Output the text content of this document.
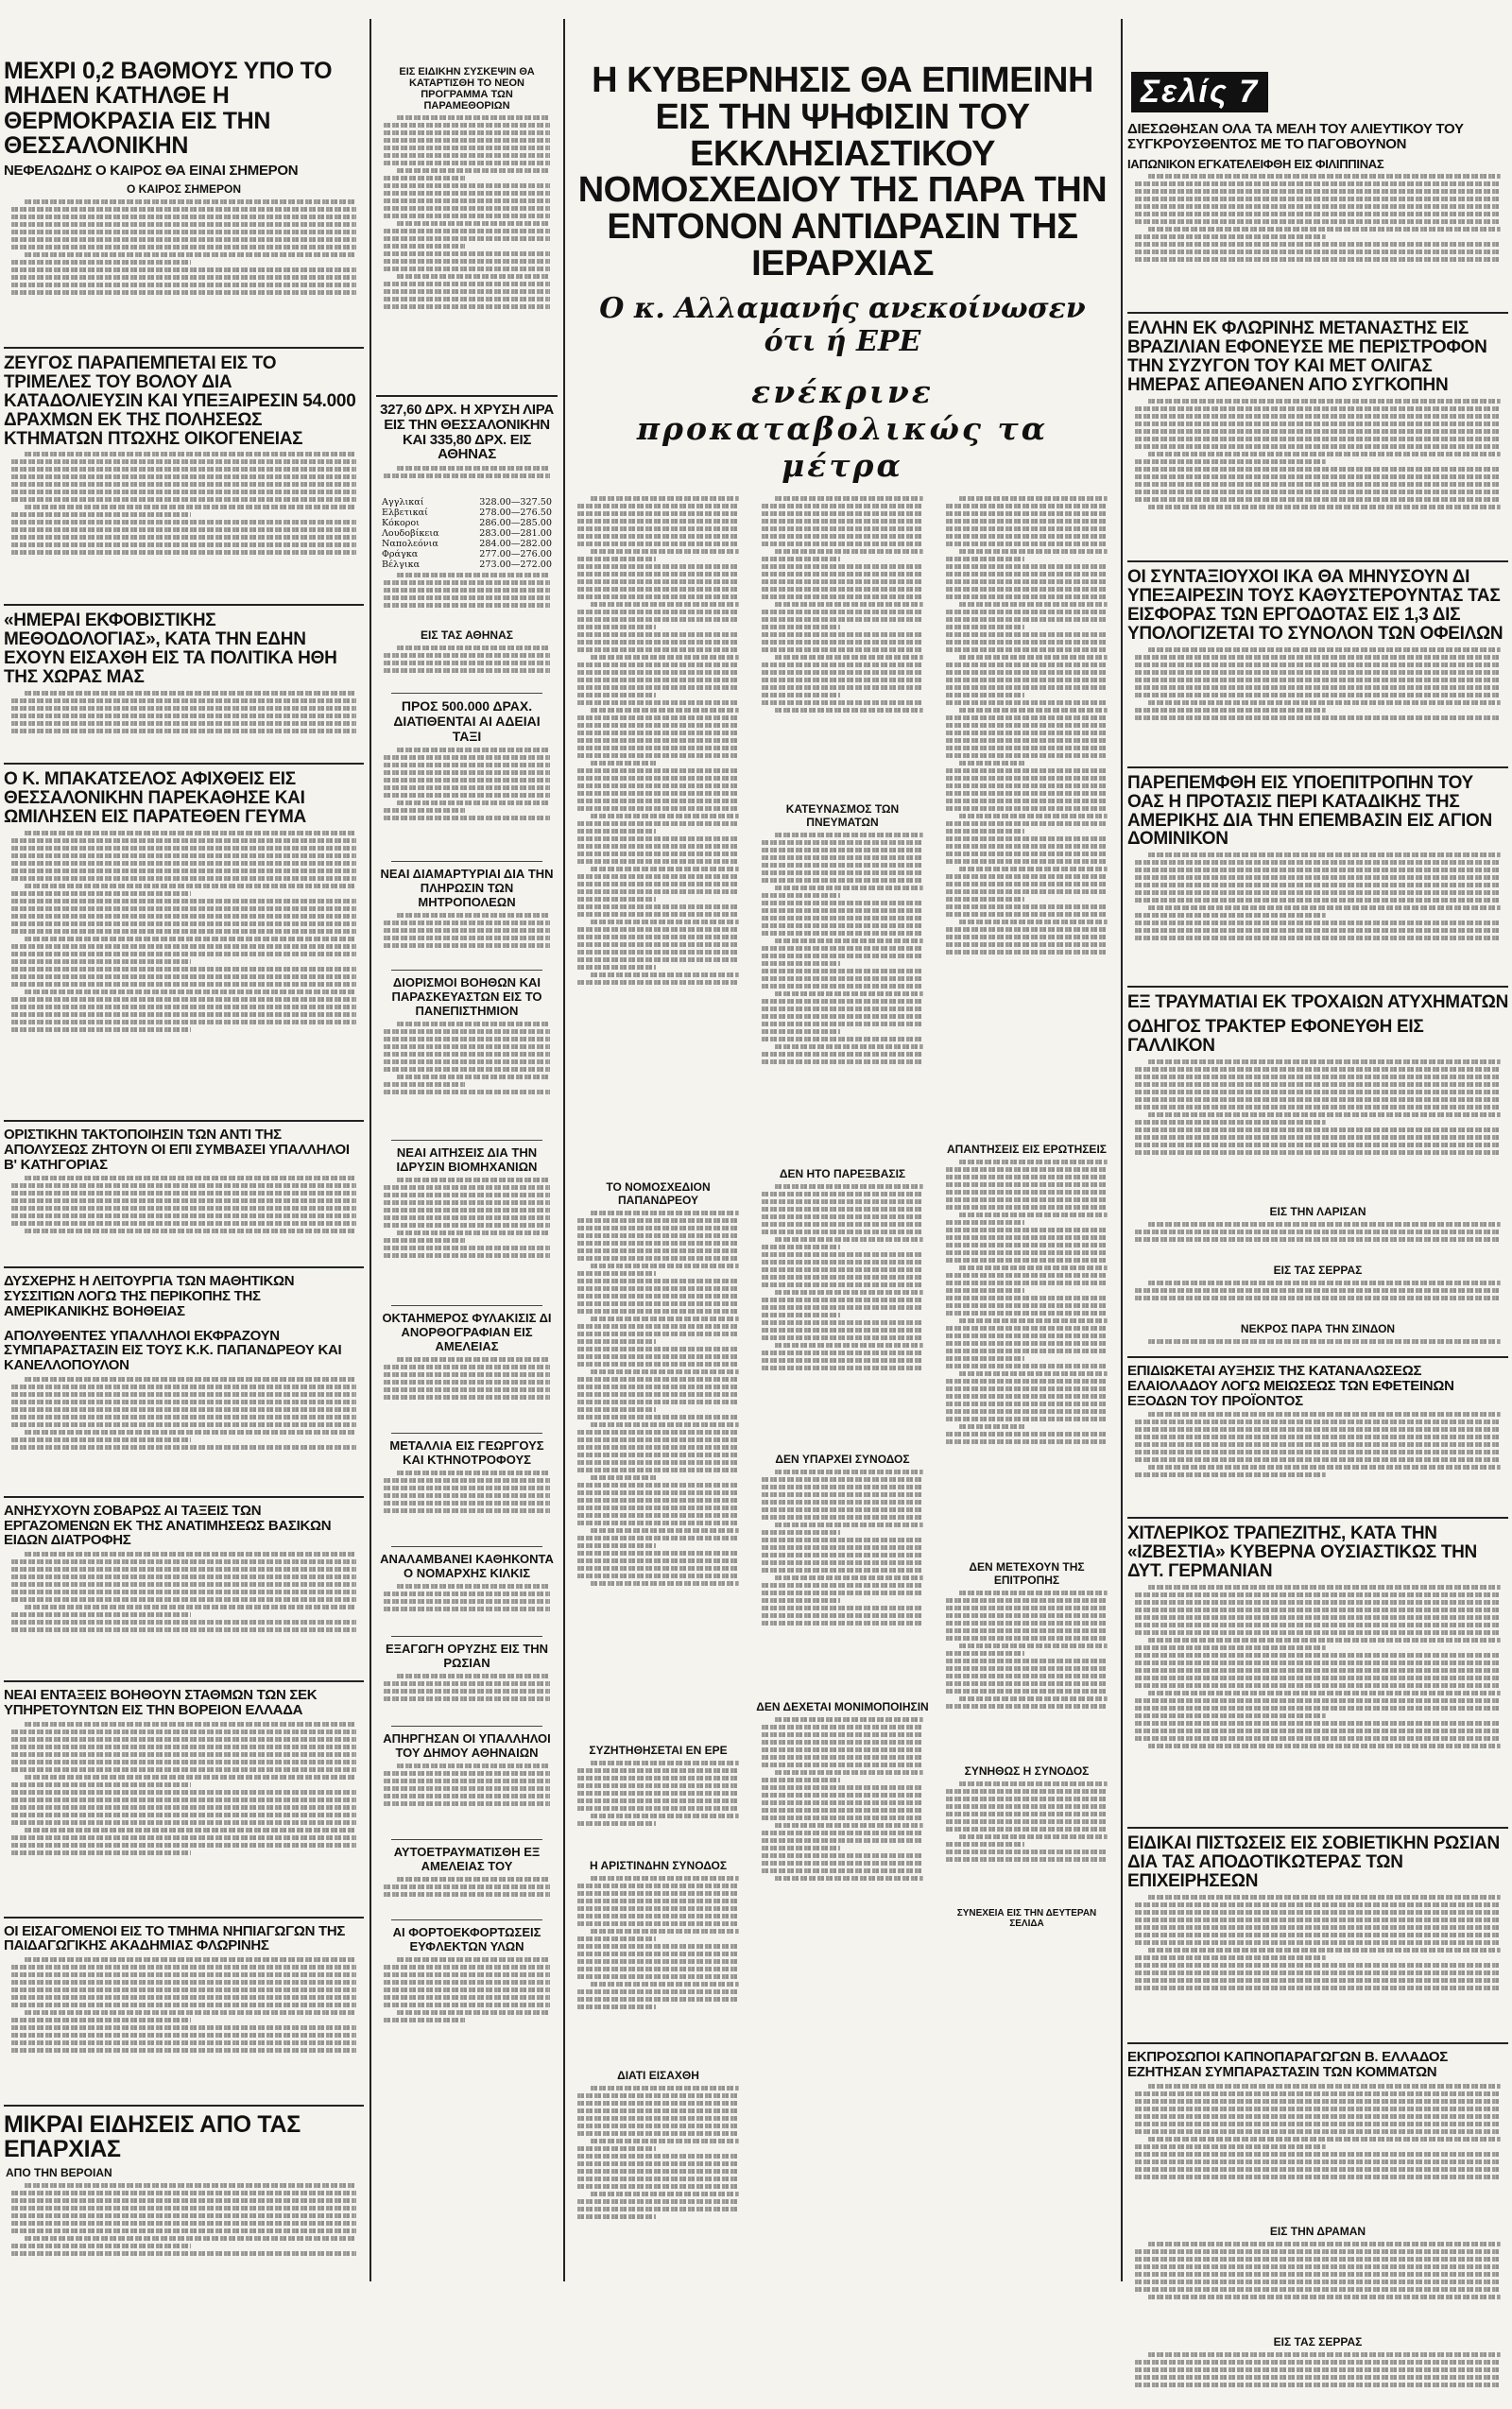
ΜΕΧΡΙ 0,2 ΒΑΘΜΟΥΣ ΥΠΟ ΤΟ ΜΗΔΕΝ ΚΑΤΗΛΘΕ Η ΘΕΡΜΟΚΡΑΣΙΑ ΕΙΣ ΤΗΝ ΘΕΣΣΑΛΟΝΙΚΗΝ
ΝΕΦΕΛΩΔΗΣ Ο ΚΑΙΡΟΣ ΘΑ ΕΙΝΑΙ ΣΗΜΕΡΟΝ
Ο ΚΑΙΡΟΣ ΣΗΜΕΡΟΝ
ΖΕΥΓΟΣ ΠΑΡΑΠΕΜΠΕΤΑΙ ΕΙΣ ΤΟ ΤΡΙΜΕΛΕΣ ΤΟΥ ΒΟΛΟΥ ΔΙΑ ΚΑΤΑΔΟΛΙΕΥΣΙΝ ΚΑΙ ΥΠΕΞΑΙΡΕΣΙΝ 54.000 ΔΡΑΧΜΩΝ ΕΚ ΤΗΣ ΠΟΛΗΣΕΩΣ ΚΤΗΜΑΤΩΝ ΠΤΩΧΗΣ ΟΙΚΟΓΕΝΕΙΑΣ
«ΗΜΕΡΑΙ ΕΚΦΟΒΙΣΤΙΚΗΣ ΜΕΘΟΔΟΛΟΓΙΑΣ», ΚΑΤΑ ΤΗΝ ΕΔΗΝ ΕΧΟΥΝ ΕΙΣΑΧΘΗ ΕΙΣ ΤΑ ΠΟΛΙΤΙΚΑ ΗΘΗ ΤΗΣ ΧΩΡΑΣ ΜΑΣ
Ο Κ. ΜΠΑΚΑΤΣΕΛΟΣ ΑΦΙΧΘΕΙΣ ΕΙΣ ΘΕΣΣΑΛΟΝΙΚΗΝ ΠΑΡΕΚΑΘΗΣΕ ΚΑΙ ΩΜΙΛΗΣΕΝ ΕΙΣ ΠΑΡΑΤΕΘΕΝ ΓΕΥΜΑ
ΟΡΙΣΤΙΚΗΝ ΤΑΚΤΟΠΟΙΗΣΙΝ ΤΩΝ ΑΝΤΙ ΤΗΣ ΑΠΟΛΥΣΕΩΣ ΖΗΤΟΥΝ ΟΙ ΕΠΙ ΣΥΜΒΑΣΕΙ ΥΠΑΛΛΗΛΟΙ Β' ΚΑΤΗΓΟΡΙΑΣ
ΔΥΣΧΕΡΗΣ Η ΛΕΙΤΟΥΡΓΙΑ ΤΩΝ ΜΑΘΗΤΙΚΩΝ ΣΥΣΣΙΤΙΩΝ ΛΟΓΩ ΤΗΣ ΠΕΡΙΚΟΠΗΣ ΤΗΣ ΑΜΕΡΙΚΑΝΙΚΗΣ ΒΟΗΘΕΙΑΣ
ΑΠΟΛΥΘΕΝΤΕΣ ΥΠΑΛΛΗΛΟΙ ΕΚΦΡΑΖΟΥΝ ΣΥΜΠΑΡΑΣΤΑΣΙΝ ΕΙΣ ΤΟΥΣ Κ.Κ. ΠΑΠΑΝΔΡΕΟΥ ΚΑΙ ΚΑΝΕΛΛΟΠΟΥΛΟΝ
ΑΝΗΣΥΧΟΥΝ ΣΟΒΑΡΩΣ ΑΙ ΤΑΞΕΙΣ ΤΩΝ ΕΡΓΑΖΟΜΕΝΩΝ ΕΚ ΤΗΣ ΑΝΑΤΙΜΗΣΕΩΣ ΒΑΣΙΚΩΝ ΕΙΔΩΝ ΔΙΑΤΡΟΦΗΣ
ΝΕΑΙ ΕΝΤΑΞΕΙΣ ΒΟΗΘΟΥΝ ΣΤΑΘΜΩΝ ΤΩΝ ΣΕΚ ΥΠΗΡΕΤΟΥΝΤΩΝ ΕΙΣ ΤΗΝ ΒΟΡΕΙΟΝ ΕΛΛΑΔΑ
ΟΙ ΕΙΣΑΓΟΜΕΝΟΙ ΕΙΣ ΤΟ ΤΜΗΜΑ ΝΗΠΙΑΓΩΓΩΝ ΤΗΣ ΠΑΙΔΑΓΩΓΙΚΗΣ ΑΚΑΔΗΜΙΑΣ ΦΛΩΡΙΝΗΣ
ΜΙΚΡΑΙ ΕΙΔΗΣΕΙΣ ΑΠΟ ΤΑΣ ΕΠΑΡΧΙΑΣ
ΑΠΟ ΤΗΝ ΒΕΡΟΙΑΝ
ΕΙΣ ΕΙΔΙΚΗΝ ΣΥΣΚΕΨΙΝ ΘΑ ΚΑΤΑΡΤΙΣΘΗ ΤΟ ΝΕΟΝ ΠΡΟΓΡΑΜΜΑ ΤΩΝ ΠΑΡΑΜΕΘΟΡΙΩΝ
327,60 ΔΡΧ. Η ΧΡΥΣΗ ΛΙΡΑ ΕΙΣ ΤΗΝ ΘΕΣΣΑΛΟΝΙΚΗΝ ΚΑΙ 335,80 ΔΡΧ. ΕΙΣ ΑΘΗΝΑΣ
Αγγλικαί	328.00—327.50
Ελβετικαί	278.00—276.50
Κόκοροι	286.00—285.00
Λουδοβίκεια	283.00—281.00
Ναπολεόνια	284.00—282.00
Φράγκα	277.00—276.00
Βέλγικα	273.00—272.00
ΕΙΣ ΤΑΣ ΑΘΗΝΑΣ
ΠΡΟΣ 500.000 ΔΡΑΧ. ΔΙΑΤΙΘΕΝΤΑΙ ΑΙ ΑΔΕΙΑΙ ΤΑΞΙ
ΝΕΑΙ ΔΙΑΜΑΡΤΥΡΙΑΙ ΔΙΑ ΤΗΝ ΠΛΗΡΩΣΙΝ ΤΩΝ ΜΗΤΡΟΠΟΛΕΩΝ
ΔΙΟΡΙΣΜΟΙ ΒΟΗΘΩΝ ΚΑΙ ΠΑΡΑΣΚΕΥΑΣΤΩΝ ΕΙΣ ΤΟ ΠΑΝΕΠΙΣΤΗΜΙΟΝ
ΝΕΑΙ ΑΙΤΗΣΕΙΣ ΔΙΑ ΤΗΝ ΙΔΡΥΣΙΝ ΒΙΟΜΗΧΑΝΙΩΝ
ΟΚΤΑΗΜΕΡΟΣ ΦΥΛΑΚΙΣΙΣ ΔΙ ΑΝΟΡΘΟΓΡΑΦΙΑΝ ΕΙΣ ΑΜΕΛΕΙΑΣ
ΜΕΤΑΛΛΙΑ ΕΙΣ ΓΕΩΡΓΟΥΣ ΚΑΙ ΚΤΗΝΟΤΡΟΦΟΥΣ
ΑΝΑΛΑΜΒΑΝΕΙ ΚΑΘΗΚΟΝΤΑ Ο ΝΟΜΑΡΧΗΣ ΚΙΛΚΙΣ
ΕΞΑΓΩΓΗ ΟΡΥΖΗΣ ΕΙΣ ΤΗΝ ΡΩΣΙΑΝ
ΑΠΗΡΓΗΣΑΝ ΟΙ ΥΠΑΛΛΗΛΟΙ ΤΟΥ ΔΗΜΟΥ ΑΘΗΝΑΙΩΝ
ΑΥΤΟΕΤΡΑΥΜΑΤΙΣΘΗ ΕΞ ΑΜΕΛΕΙΑΣ ΤΟΥ
ΑΙ ΦΟΡΤΟΕΚΦΟΡΤΩΣΕΙΣ ΕΥΦΛΕΚΤΩΝ ΥΛΩΝ
Η ΚΥΒΕΡΝΗΣΙΣ ΘΑ ΕΠΙΜΕΙΝΗ ΕΙΣ ΤΗΝ ΨΗΦΙΣΙΝ ΤΟΥ ΕΚΚΛΗΣΙΑΣΤΙΚΟΥ ΝΟΜΟΣΧΕΔΙΟΥ ΤΗΣ ΠΑΡΑ ΤΗΝ ΕΝΤΟΝΟΝ ΑΝΤΙΔΡΑΣΙΝ ΤΗΣ ΙΕΡΑΡΧΙΑΣ
Ο κ. Αλλαμανής ανεκοίνωσεν ότι ή ΕΡΕ
ενέκρινε προκαταβολικώς τα μέτρα
ΤΟ ΝΟΜΟΣΧΕΔΙΟΝ ΠΑΠΑΝΔΡΕΟΥ
ΣΥΖΗΤΗΘΗΣΕΤΑΙ ΕΝ ΕΡΕ
Η ΑΡΙΣΤΙΝΔΗΝ ΣΥΝΟΔΟΣ
ΔΙΑΤΙ ΕΙΣΑΧΘΗ
ΚΑΤΕΥΝΑΣΜΟΣ ΤΩΝ ΠΝΕΥΜΑΤΩΝ
ΔΕΝ ΗΤΟ ΠΑΡΕΞΒΑΣΙΣ
ΔΕΝ ΥΠΑΡΧΕΙ ΣΥΝΟΔΟΣ
ΔΕΝ ΔΕΧΕΤΑΙ ΜΟΝΙΜΟΠΟΙΗΣΙΝ
ΑΠΑΝΤΗΣΕΙΣ ΕΙΣ ΕΡΩΤΗΣΕΙΣ
ΔΕΝ ΜΕΤΕΧΟΥΝ ΤΗΣ ΕΠΙΤΡΟΠΗΣ
ΣΥΝΗΘΩΣ Η ΣΥΝΟΔΟΣ
ΣΥΝΕΧΕΙΑ ΕΙΣ ΤΗΝ ΔΕΥΤΕΡΑΝ ΣΕΛΙΔΑ
Σελίς 7
ΔΙΕΣΩΘΗΣΑΝ ΟΛΑ ΤΑ ΜΕΛΗ ΤΟΥ ΑΛΙΕΥΤΙΚΟΥ ΤΟΥ ΣΥΓΚΡΟΥΣΘΕΝΤΟΣ ΜΕ ΤΟ ΠΑΓΟΒΟΥΝΟΝ
ΙΑΠΩΝΙΚΟΝ ΕΓΚΑΤΕΛΕΙΦΘΗ ΕΙΣ ΦΙΛΙΠΠΙΝΑΣ
ΕΛΛΗΝ ΕΚ ΦΛΩΡΙΝΗΣ ΜΕΤΑΝΑΣΤΗΣ ΕΙΣ ΒΡΑΖΙΛΙΑΝ ΕΦΟΝΕΥΣΕ ΜΕ ΠΕΡΙΣΤΡΟΦΟΝ ΤΗΝ ΣΥΖΥΓΟΝ ΤΟΥ ΚΑΙ ΜΕΤ ΟΛΙΓΑΣ ΗΜΕΡΑΣ ΑΠΕΘΑΝΕΝ ΑΠΟ ΣΥΓΚΟΠΗΝ
ΟΙ ΣΥΝΤΑΞΙΟΥΧΟΙ ΙΚΑ ΘΑ ΜΗΝΥΣΟΥΝ ΔΙ ΥΠΕΞΑΙΡΕΣΙΝ ΤΟΥΣ ΚΑΘΥΣΤΕΡΟΥΝΤΑΣ ΤΑΣ ΕΙΣΦΟΡΑΣ ΤΩΝ ΕΡΓΟΔΟΤΑΣ ΕΙΣ 1,3 ΔΙΣ ΥΠΟΛΟΓΙΖΕΤΑΙ ΤΟ ΣΥΝΟΛΟΝ ΤΩΝ ΟΦΕΙΛΩΝ
ΠΑΡΕΠΕΜΦΘΗ ΕΙΣ ΥΠΟΕΠΙΤΡΟΠΗΝ ΤΟΥ ΟΑΣ Η ΠΡΟΤΑΣΙΣ ΠΕΡΙ ΚΑΤΑΔΙΚΗΣ ΤΗΣ ΑΜΕΡΙΚΗΣ ΔΙΑ ΤΗΝ ΕΠΕΜΒΑΣΙΝ ΕΙΣ ΑΓΙΟΝ ΔΟΜΙΝΙΚΟΝ
ΕΞ ΤΡΑΥΜΑΤΙΑΙ ΕΚ ΤΡΟΧΑΙΩΝ ΑΤΥΧΗΜΑΤΩΝ
ΟΔΗΓΟΣ ΤΡΑΚΤΕΡ ΕΦΟΝΕΥΘΗ ΕΙΣ ΓΑΛΛΙΚΟΝ
ΕΙΣ ΤΗΝ ΛΑΡΙΣΑΝ
ΕΙΣ ΤΑΣ ΣΕΡΡΑΣ
ΝΕΚΡΟΣ ΠΑΡΑ ΤΗΝ ΣΙΝΔΟΝ
ΕΠΙΔΙΩΚΕΤΑΙ ΑΥΞΗΣΙΣ ΤΗΣ ΚΑΤΑΝΑΛΩΣΕΩΣ ΕΛΑΙΟΛΑΔΟΥ ΛΟΓΩ ΜΕΙΩΣΕΩΣ ΤΩΝ ΕΦΕΤΕΙΝΩΝ ΕΞΟΔΩΝ ΤΟΥ ΠΡΟΪΟΝΤΟΣ
ΧΙΤΛΕΡΙΚΟΣ ΤΡΑΠΕΖΙΤΗΣ, ΚΑΤΑ ΤΗΝ «ΙΖΒΕΣΤΙΑ» ΚΥΒΕΡΝΑ ΟΥΣΙΑΣΤΙΚΩΣ ΤΗΝ ΔΥΤ. ΓΕΡΜΑΝΙΑΝ
ΕΙΔΙΚΑΙ ΠΙΣΤΩΣΕΙΣ ΕΙΣ ΣΟΒΙΕΤΙΚΗΝ ΡΩΣΙΑΝ ΔΙΑ ΤΑΣ ΑΠΟΔΟΤΙΚΩΤΕΡΑΣ ΤΩΝ ΕΠΙΧΕΙΡΗΣΕΩΝ
ΕΚΠΡΟΣΩΠΟΙ ΚΑΠΝΟΠΑΡΑΓΩΓΩΝ Β. ΕΛΛΑΔΟΣ ΕΖΗΤΗΣΑΝ ΣΥΜΠΑΡΑΣΤΑΣΙΝ ΤΩΝ ΚΟΜΜΑΤΩΝ
ΕΙΣ ΤΗΝ ΔΡΑΜΑΝ
ΕΙΣ ΤΑΣ ΣΕΡΡΑΣ
